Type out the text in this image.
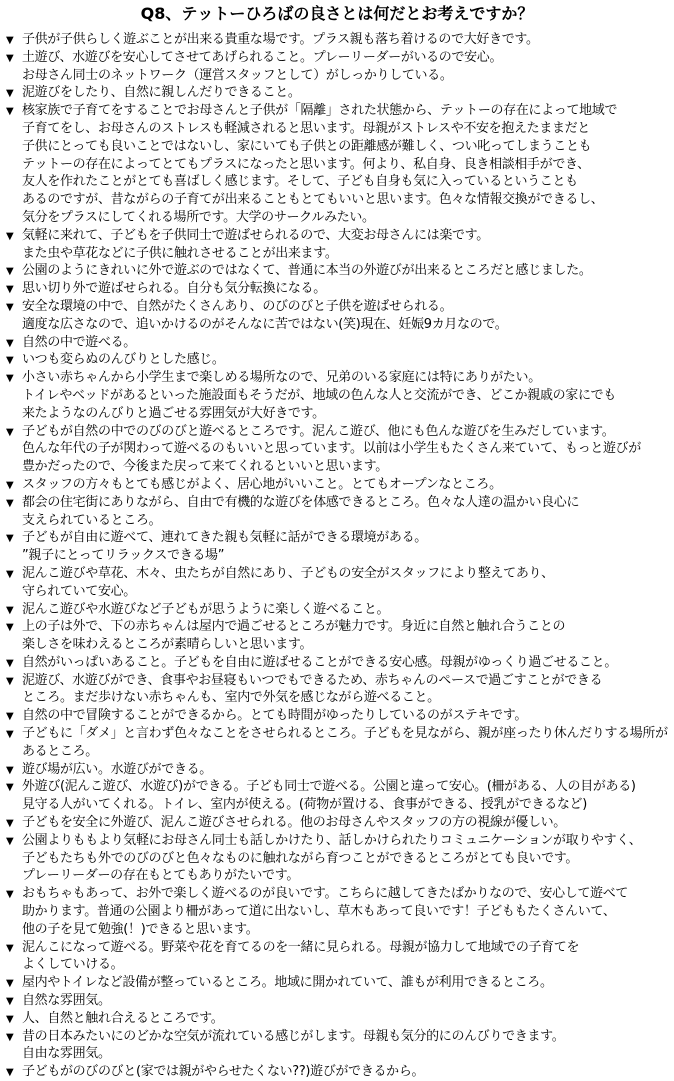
Q8、テットーひろばの良さとは何だとお考えですか？
▼ 子供が子供らしく遊ぶことが出来る貴重な場です。プラス親も落ち着けるので大好きです。
▼ 土遊び、水遊びを安心してさせてあげられること。プレーリーダーがいるので安心。
お母さん同士のネットワーク（運営スタッフとして）がしっかりしている。
▼ 泥遊びをしたり、自然に親しんだりできること。
▼ 核家族で子育てをすることでお母さんと子供が「隔離」された状態から、テットーの存在によって地域で
子育てをし、お母さんのストレスも軽減されると思います。母親がストレスや不安を抱えたままだと
子供にとっても良いことではないし、家にいても子供との距離感が難しく、つい叱ってしまうことも
テットーの存在によってとてもプラスになったと思います。何より、私自身、良き相談相手ができ、
友人を作れたことがとても喜ばしく感じます。そして、子ども自身も気に入っているということも
あるのですが、昔ながらの子育てが出来ることもとてもいいと思います。色々な情報交換ができるし、
気分をプラスにしてくれる場所です。大学のサークルみたい。
▼ 気軽に来れて、子どもを子供同士で遊ばせられるので、大変お母さんには楽です。
また虫や草花などに子供に触れさせることが出来ます。
▼ 公園のようにきれいに外で遊ぶのではなくて、普通に本当の外遊びが出来るところだと感じました。
▼ 思い切り外で遊ばせられる。自分も気分転換になる。
▼ 安全な環境の中で、自然がたくさんあり、のびのびと子供を遊ばせられる。
適度な広さなので、追いかけるのがそんなに苦ではない(笑)現在、妊娠9カ月なので。
▼ 自然の中で遊べる。
▼ いつも変らぬのんびりとした感じ。
▼ 小さい赤ちゃんから小学生まで楽しめる場所なので、兄弟のいる家庭には特にありがたい。
トイレやベッドがあるといった施設面もそうだが、地域の色んな人と交流ができ、どこか親戚の家にでも
来たようなのんびりと過ごせる雰囲気が大好きです。
▼ 子どもが自然の中でのびのびと遊べるところです。泥んこ遊び、他にも色んな遊びを生みだしています。
色んな年代の子が関わって遊べるのもいいと思っています。以前は小学生もたくさん来ていて、もっと遊びが
豊かだったので、今後また戻って来てくれるといいと思います。
▼ スタッフの方々もとても感じがよく、居心地がいいこと。とてもオープンなところ。
▼ 都会の住宅街にありながら、自由で有機的な遊びを体感できるところ。色々な人達の温かい良心に
支えられているところ。
▼ 子どもが自由に遊べて、連れてきた親も気軽に話ができる環境がある。
”親子にとってリラックスできる場”
▼ 泥んこ遊びや草花、木々、虫たちが自然にあり、子どもの安全がスタッフにより整えてあり、
守られていて安心。
▼ 泥んこ遊びや水遊びなど子どもが思うように楽しく遊べること。
▼ 上の子は外で、下の赤ちゃんは屋内で過ごせるところが魅力です。身近に自然と触れ合うことの
楽しさを味わえるところが素晴らしいと思います。
▼ 自然がいっぱいあること。子どもを自由に遊ばせることができる安心感。母親がゆっくり過ごせること。
▼ 泥遊び、水遊びができ、食事やお昼寝もいつでもできるため、赤ちゃんのペースで過ごすことができる
ところ。まだ歩けない赤ちゃんも、室内で外気を感じながら遊べること。
▼ 自然の中で冒険することができるから。とても時間がゆったりしているのがステキです。
▼ 子どもに「ダメ」と言わず色々なことをさせられるところ。子どもを見ながら、親が座ったり休んだりする場所が
あるところ。
▼ 遊び場が広い。水遊びができる。
▼ 外遊び(泥んこ遊び、水遊び)ができる。子ども同士で遊べる。公園と違って安心。(柵がある、人の目がある)
見守る人がいてくれる。トイレ、室内が使える。(荷物が置ける、食事ができる、授乳ができるなど)
▼ 子どもを安全に外遊び、泥んこ遊びさせられる。他のお母さんやスタッフの方の視線が優しい。
▼ 公園よりももより気軽にお母さん同士も話しかけたり、話しかけられたりコミュニケーションが取りやすく、
子どもたちも外でのびのびと色々なものに触れながら育つことができるところがとても良いです。
プレーリーダーの存在もとてもありがたいです。
▼ おもちゃもあって、お外で楽しく遊べるのが良いです。こちらに越してきたばかりなので、安心して遊べて
助かります。普通の公園より柵があって道に出ないし、草木もあって良いです！子どももたくさんいて、
他の子を見て勉強(！)できると思います。
▼ 泥んこになって遊べる。野菜や花を育てるのを一緒に見られる。母親が協力して地域での子育てを
よくしていける。
▼ 屋内やトイレなど設備が整っているところ。地域に開かれていて、誰もが利用できるところ。
▼ 自然な雰囲気。
▼ 人、自然と触れ合えるところです。
▼ 昔の日本みたいにのどかな空気が流れている感じがします。母親も気分的にのんびりできます。
自由な雰囲気。
▼ 子どもがのびのびと(家では親がやらせたくない??)遊びができるから。
